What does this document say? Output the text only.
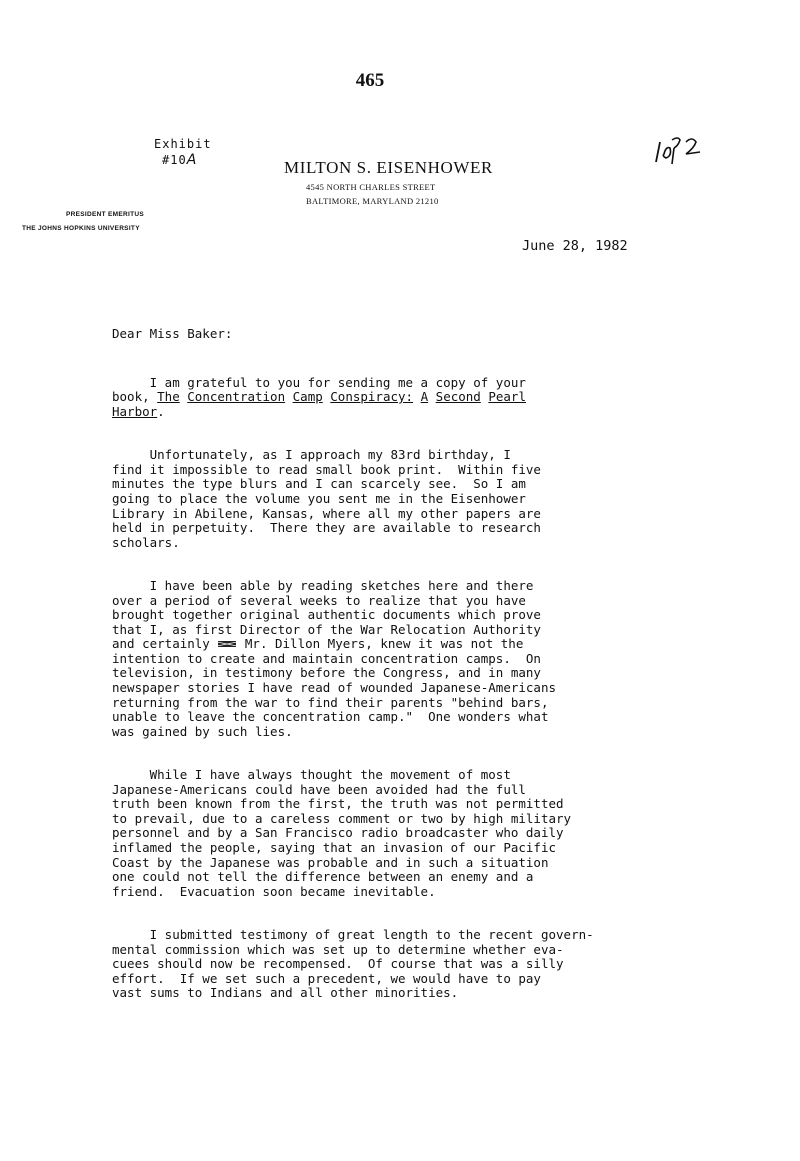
465
Exhibit
#10A	MILTON S. EISENHOWER
4545 NORTH CHARLES STREET
BALTIMORE, MARYLAND 21210
PRESIDENT EMERITUS
THE JOHNS HOPKINS UNIVERSITY
June 28, 1982

Dear Miss Baker:

I am grateful to you for sending me a copy of your
book, The Concentration Camp Conspiracy: A Second Pearl
Harbor.

Unfortunately, as I approach my 83rd birthday, I
find it impossible to read small book print.  Within five
minutes the type blurs and I can scarcely see.  So I am
going to place the volume you sent me in the Eisenhower
Library in Abilene, Kansas, where all my other papers are
held in perpetuity.  There they are available to research
scholars.

I have been able by reading sketches here and there
over a period of several weeks to realize that you have
brought together original authentic documents which prove
that I, as first Director of the War Relocation Authority
and certainly  Mr. Dillon Myers, knew it was not the
intention to create and maintain concentration camps.  On
television, in testimony before the Congress, and in many
newspaper stories I have read of wounded Japanese-Americans
returning from the war to find their parents "behind bars,
unable to leave the concentration camp."  One wonders what
was gained by such lies.

While I have always thought the movement of most
Japanese-Americans could have been avoided had the full
truth been known from the first, the truth was not permitted
to prevail, due to a careless comment or two by high military
personnel and by a San Francisco radio broadcaster who daily
inflamed the people, saying that an invasion of our Pacific
Coast by the Japanese was probable and in such a situation
one could not tell the difference between an enemy and a
friend.  Evacuation soon became inevitable.

I submitted testimony of great length to the recent govern-
mental commission which was set up to determine whether eva-
cuees should now be recompensed.  Of course that was a silly
effort.  If we set such a precedent, we would have to pay
vast sums to Indians and all other minorities.
